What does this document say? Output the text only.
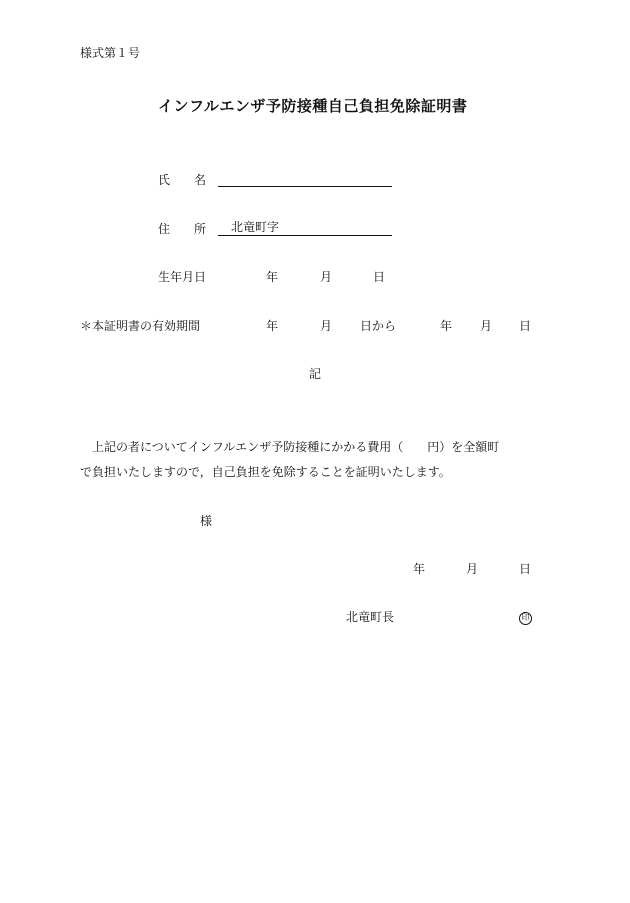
様式第１号
インフルエンザ予防接種自己負担免除証明書
氏 名
住 所	北竜町字
生年月日	年	月	日
＊本証明書の有効期間	年	月 日から	年 月 日
記
上記の者についてインフルエンザ予防接種にかかる費用（　　円）を全額町
で負担いたしますので，自己負担を免除することを証明いたします。
様
年	月	日
北竜町長	印
